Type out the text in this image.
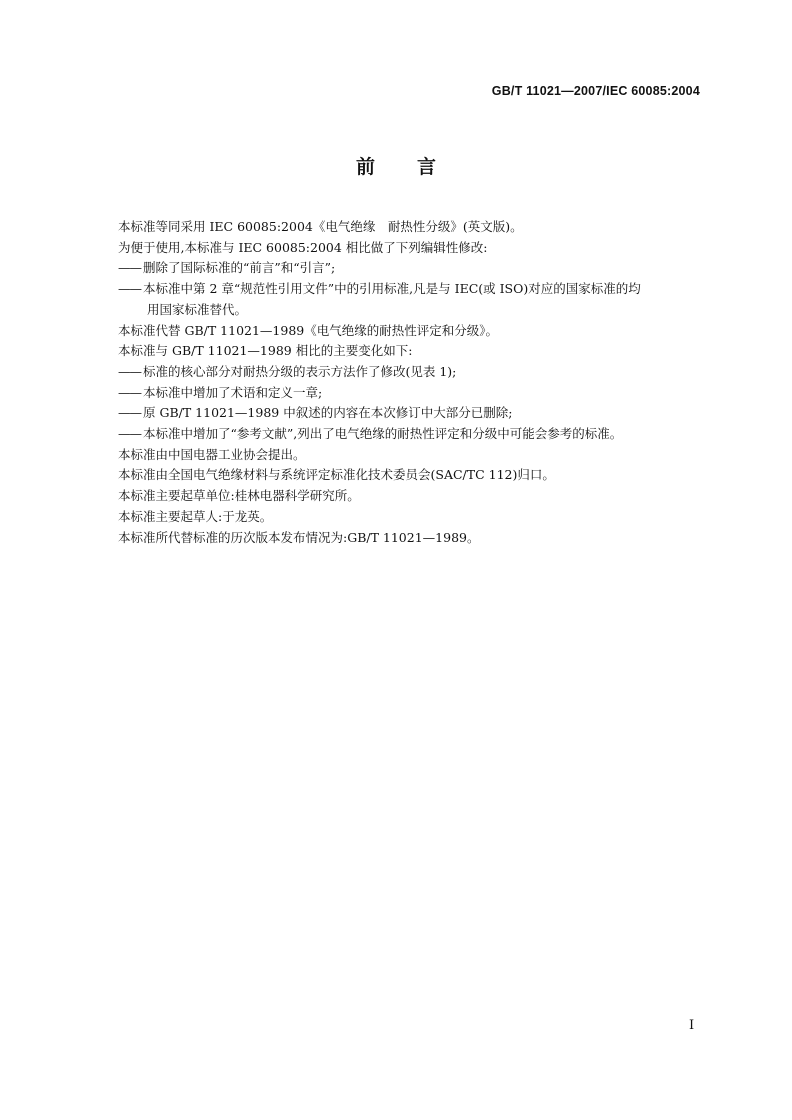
GB/T 11021—2007/IEC 60085:2004
前言

本标准等同采用 IEC 60085:2004《电气绝缘　耐热性分级》(英文版)。

为便于使用,本标准与 IEC 60085:2004 相比做了下列编辑性修改:

—— 删除了国际标准的“前言”和“引言”;

—— 本标准中第 2 章“规范性引用文件”中的引用标准,凡是与 IEC(或 ISO)对应的国家标准的均

用国家标准替代。

本标准代替 GB/T 11021—1989《电气绝缘的耐热性评定和分级》。

本标准与 GB/T 11021—1989 相比的主要变化如下:

—— 标准的核心部分对耐热分级的表示方法作了修改(见表 1);

—— 本标准中增加了术语和定义一章;

—— 原 GB/T 11021—1989 中叙述的内容在本次修订中大部分已删除;

—— 本标准中增加了“参考文献”,列出了电气绝缘的耐热性评定和分级中可能会参考的标准。

本标准由中国电器工业协会提出。

本标准由全国电气绝缘材料与系统评定标准化技术委员会(SAC/TC 112)归口。

本标准主要起草单位:桂林电器科学研究所。

本标准主要起草人:于龙英。

本标准所代替标准的历次版本发布情况为:GB/T 11021—1989。

I
